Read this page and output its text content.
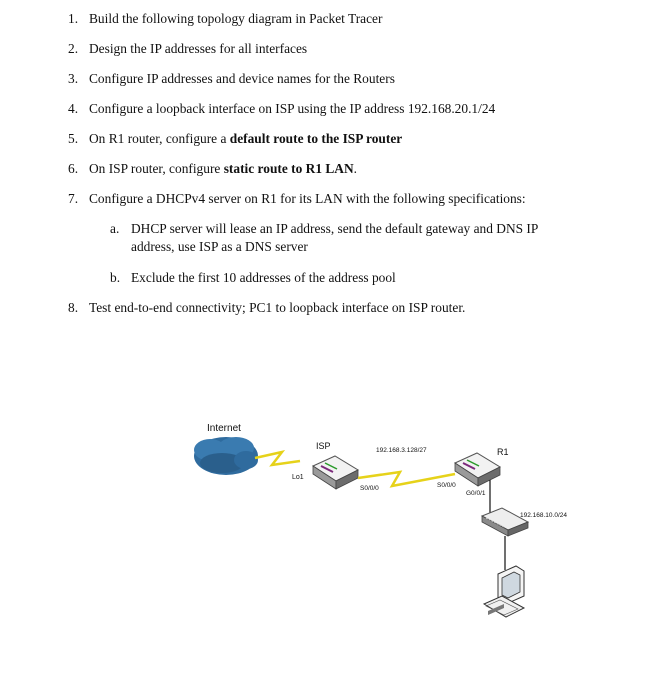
1. Build the following topology diagram in Packet Tracer
2. Design the IP addresses for all interfaces
3. Configure IP addresses and device names for the Routers
4. Configure a loopback interface on ISP using the IP address 192.168.20.1/24
5. On R1 router, configure a default route to the ISP router
6. On ISP router, configure static route to R1 LAN.
7. Configure a DHCPv4 server on R1 for its LAN with the following specifications:
a. DHCP server will lease an IP address, send the default gateway and DNS IP address, use ISP as a DNS server
b. Exclude the first 10 addresses of the address pool
8. Test end-to-end connectivity; PC1 to loopback interface on ISP router.
Internet
ISP
Lo1
192.168.3.128/27
S0/0/0	S0/0/0
R1
G0/0/1
192.168.10.0/24
